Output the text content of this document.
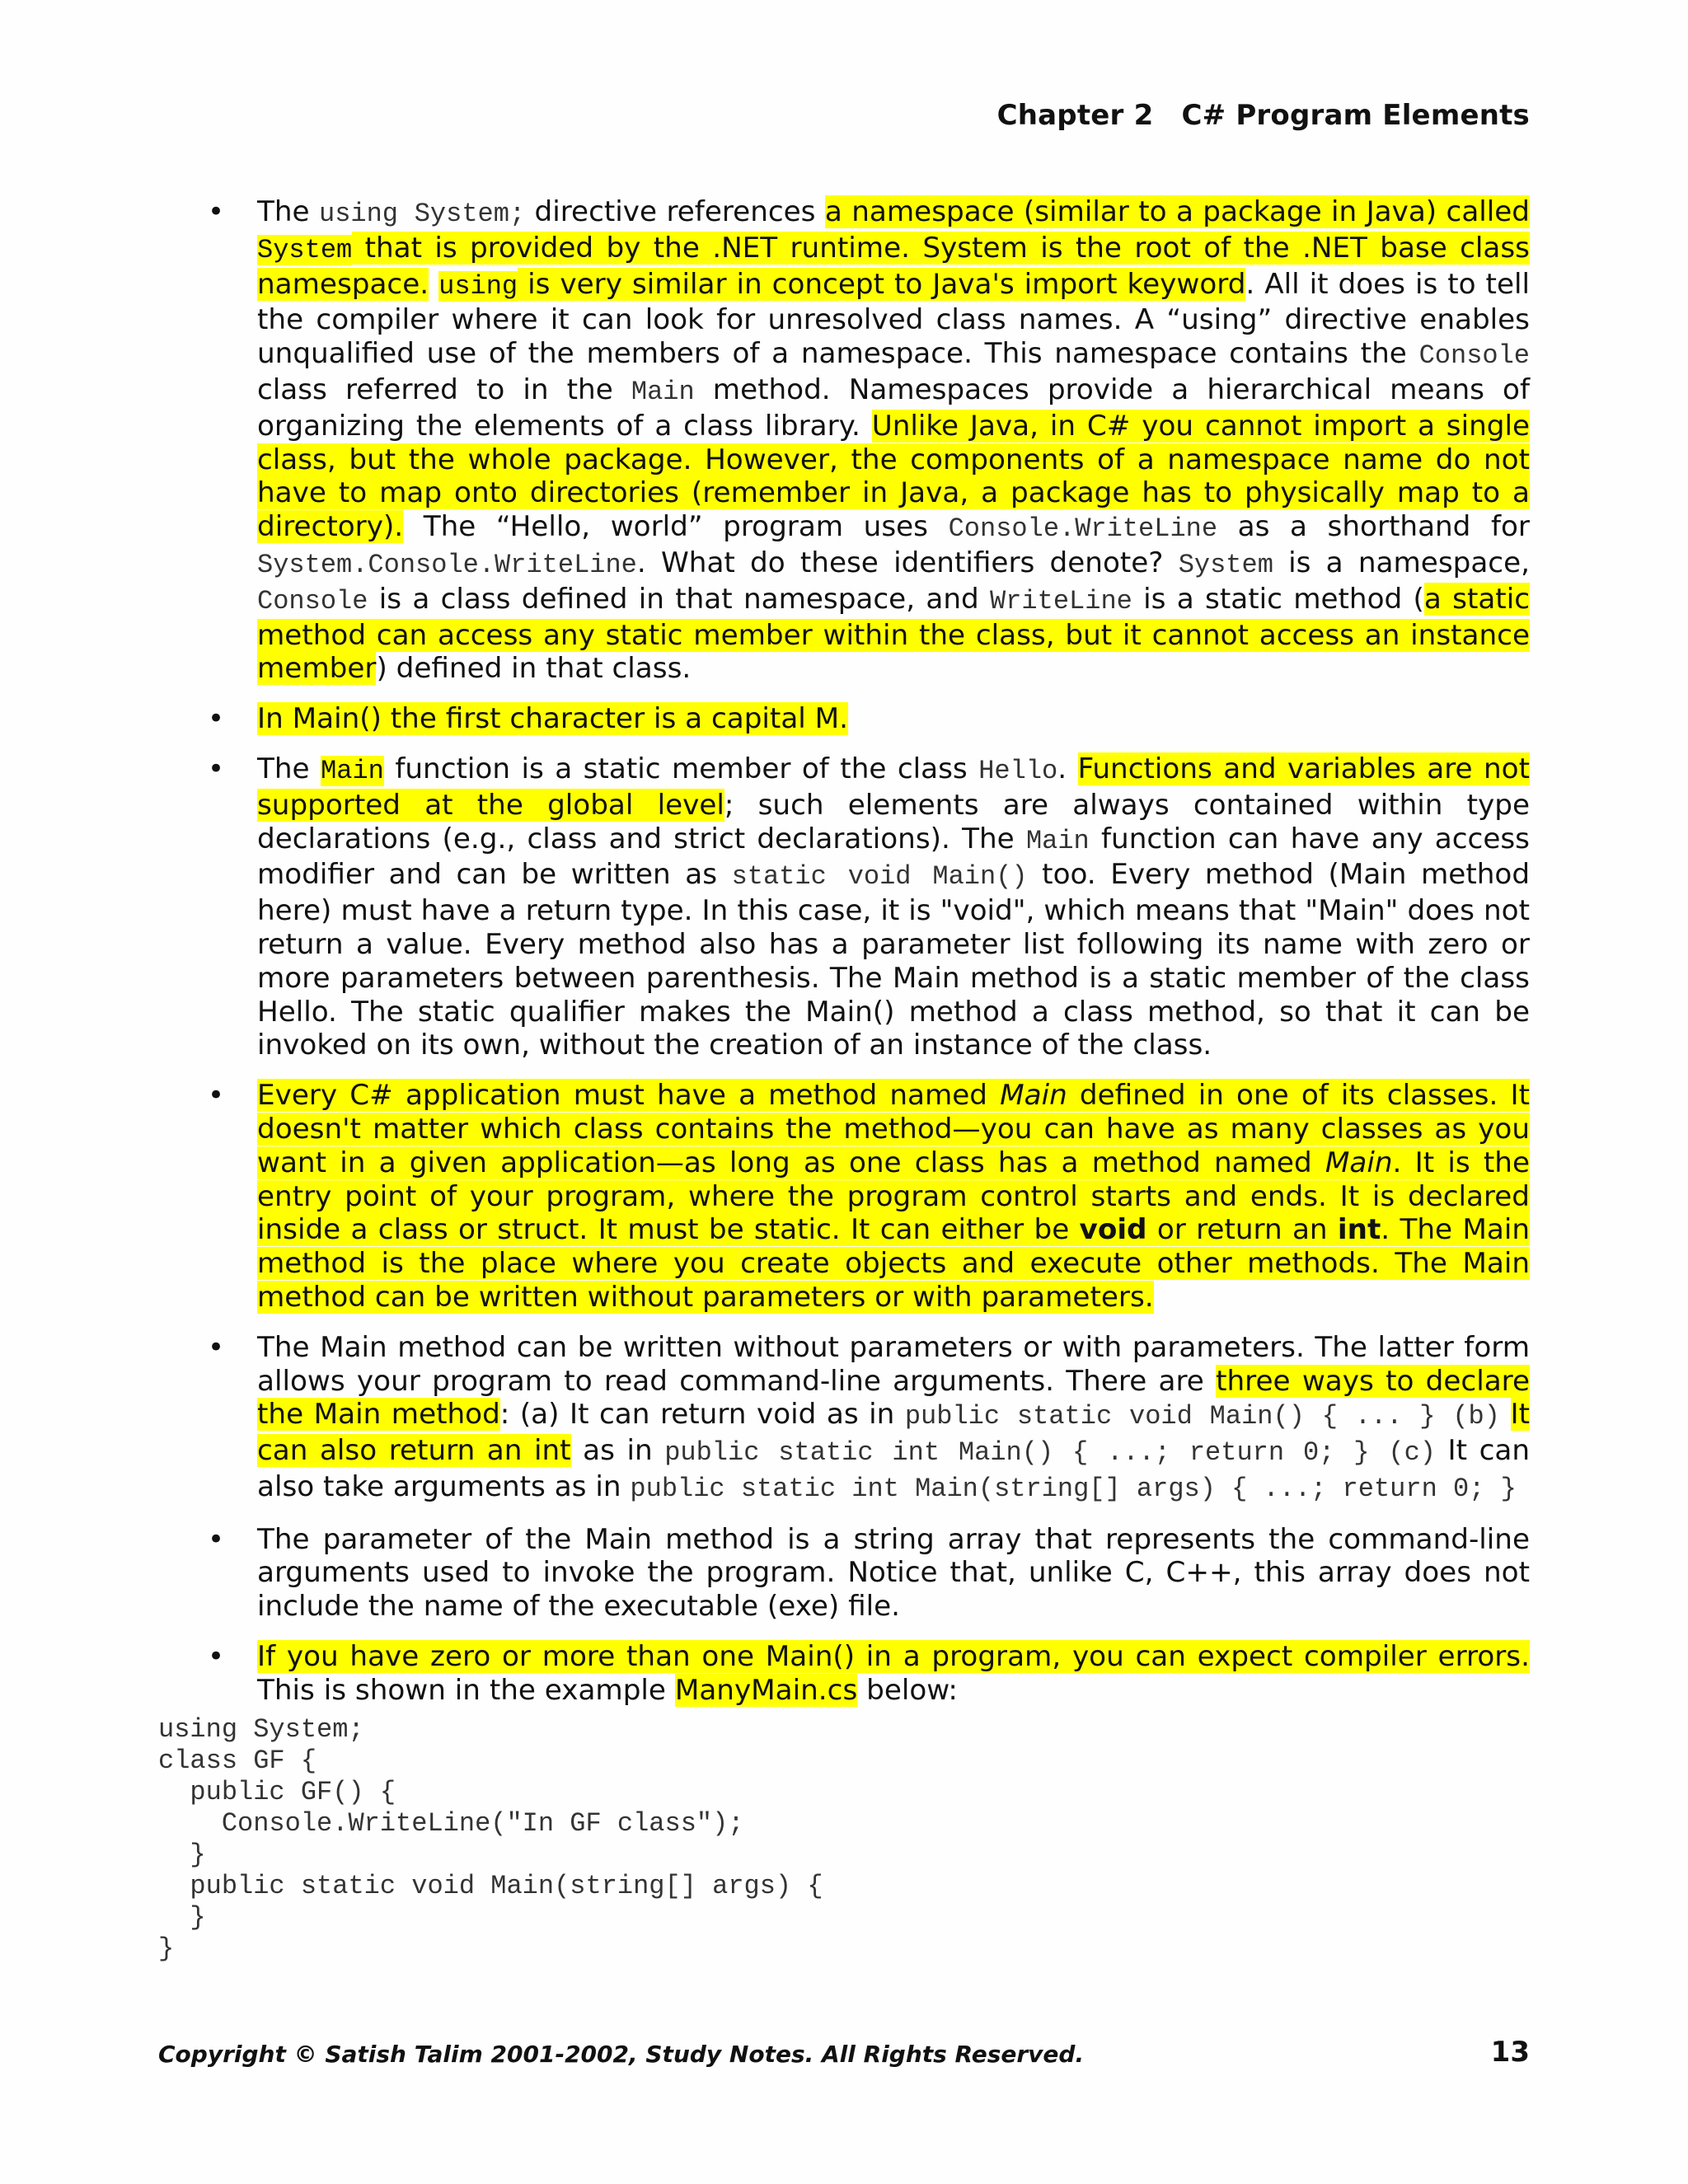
Chapter 2 C# Program Elements
• The using System; directive references a namespace (similar to a package in Java) called System that is provided by the .NET runtime. System is the root of the .NET base class namespace. using is very similar in concept to Java's import keyword. All it does is to tell the compiler where it can look for unresolved class names. A “using” directive enables unqualified use of the members of a namespace. This namespace contains the Console class referred to in the Main method. Namespaces provide a hierarchical means of organizing the elements of a class library. Unlike Java, in C# you cannot import a single class, but the whole package. However, the components of a namespace name do not have to map onto directories (remember in Java, a package has to physically map to a directory). The “Hello, world” program uses Console.WriteLine as a shorthand for System.Console.WriteLine. What do these identifiers denote? System is a namespace, Console is a class defined in that namespace, and WriteLine is a static method (a static method can access any static member within the class, but it cannot access an instance member) defined in that class.
• In Main() the first character is a capital M.
• The Main function is a static member of the class Hello. Functions and variables are not supported at the global level; such elements are always contained within type declarations (e.g., class and strict declarations). The Main function can have any access modifier and can be written as static void Main() too. Every method (Main method here) must have a return type. In this case, it is "void", which means that "Main" does not return a value. Every method also has a parameter list following its name with zero or more parameters between parenthesis. The Main method is a static member of the class Hello. The static qualifier makes the Main() method a class method, so that it can be invoked on its own, without the creation of an instance of the class.
• Every C# application must have a method named Main defined in one of its classes. It doesn't matter which class contains the method—you can have as many classes as you want in a given application—as long as one class has a method named Main. It is the entry point of your program, where the program control starts and ends. It is declared inside a class or struct. It must be static. It can either be void or return an int. The Main method is the place where you create objects and execute other methods. The Main method can be written without parameters or with parameters.
• The Main method can be written without parameters or with parameters. The latter form allows your program to read command-line arguments. There are three ways to declare the Main method: (a) It can return void as in public static void Main() { ... } (b) It can also return an int as in public static int Main() { ...; return 0; } (c) It can also take arguments as in public static int Main(string[] args) { ...; return 0; }
• The parameter of the Main method is a string array that represents the command-line arguments used to invoke the program. Notice that, unlike C, C++, this array does not include the name of the executable (exe) file.
• If you have zero or more than one Main() in a program, you can expect compiler errors. This is shown in the example ManyMain.cs below:
using System;
class GF {
public GF() {
Console.WriteLine("In GF class");
}
public static void Main(string[] args) {
}
}
Copyright © Satish Talim 2001-2002, Study Notes. All Rights Reserved.	13
